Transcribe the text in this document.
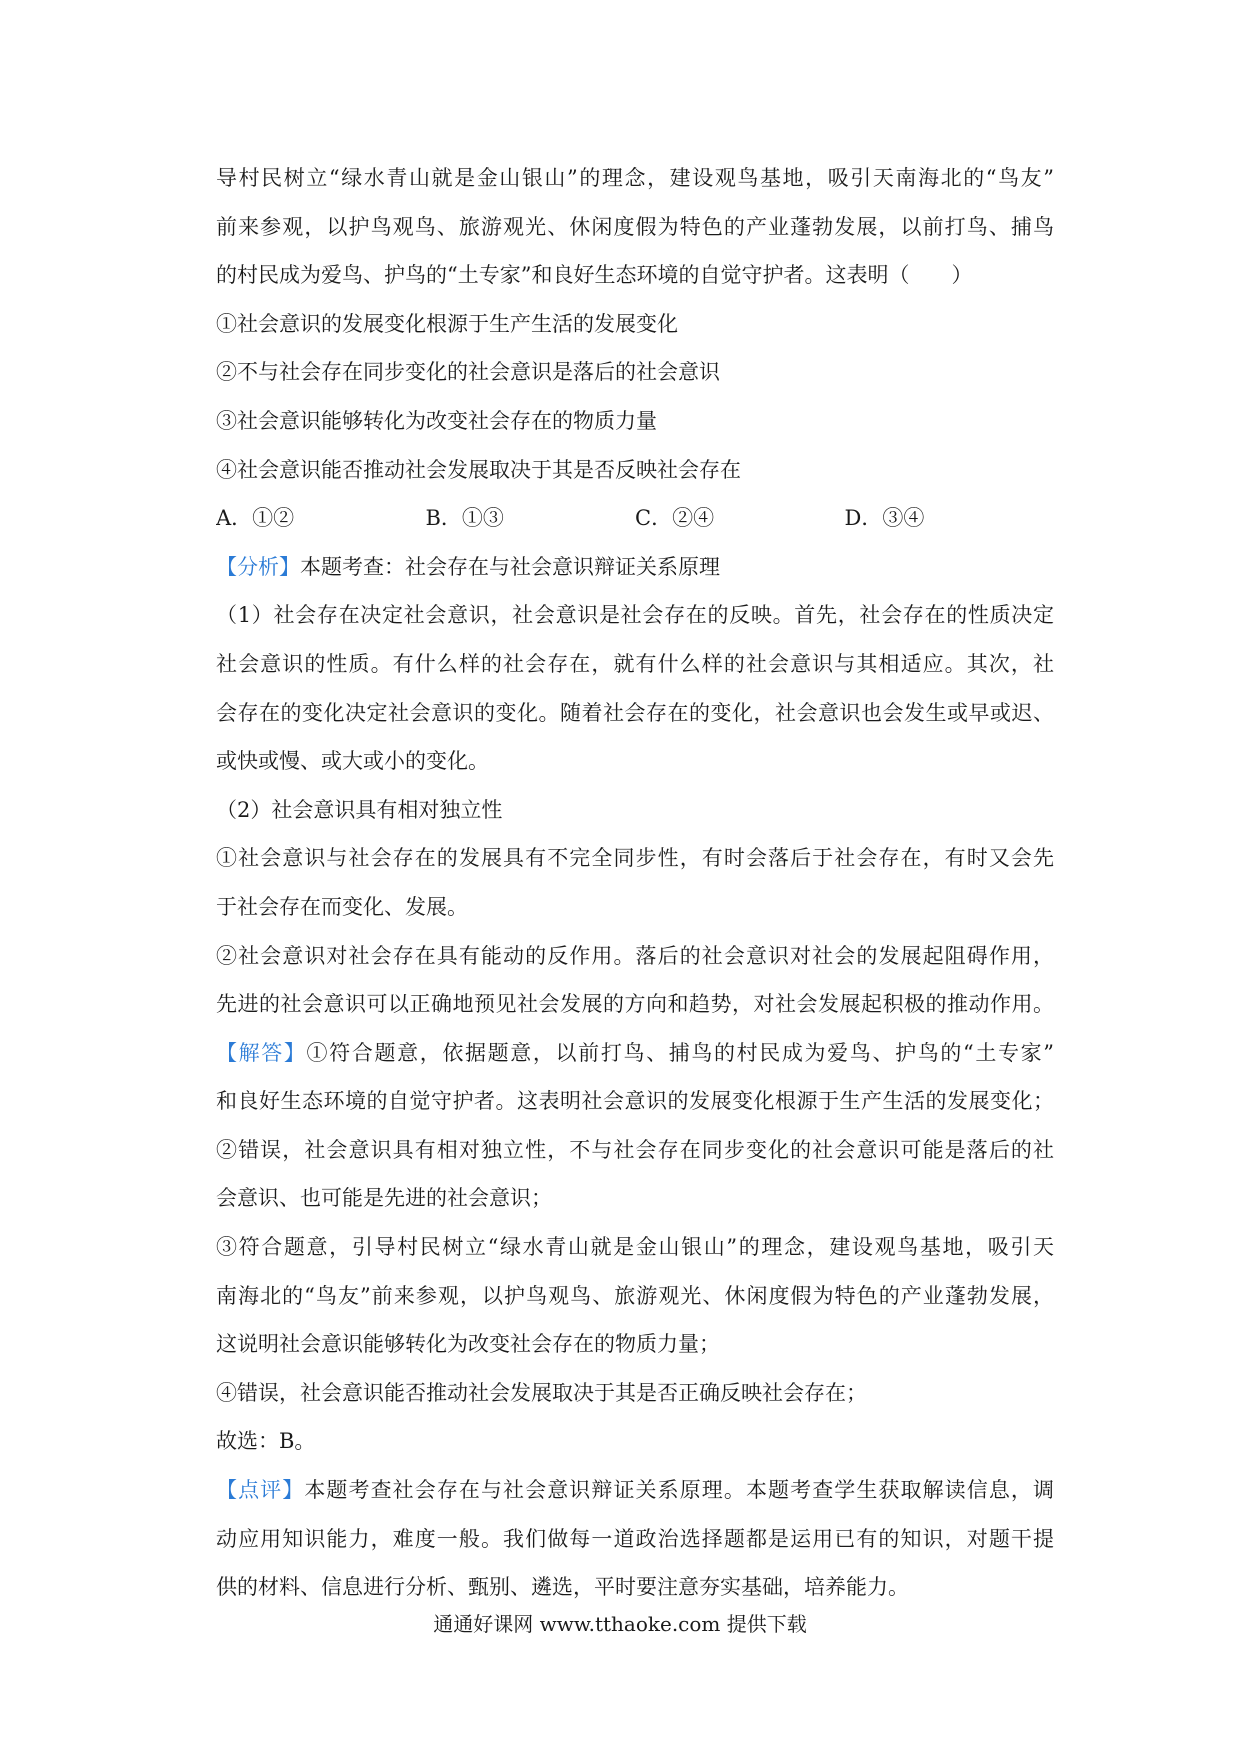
导村民树立“绿水青山就是金山银山”的理念，建设观鸟基地，吸引天南海北的“鸟友”
前来参观，以护鸟观鸟、旅游观光、休闲度假为特色的产业蓬勃发展，以前打鸟、捕鸟
的村民成为爱鸟、护鸟的“土专家”和良好生态环境的自觉守护者。这表明（　　）
①社会意识的发展变化根源于生产生活的发展变化
②不与社会存在同步变化的社会意识是落后的社会意识
③社会意识能够转化为改变社会存在的物质力量
④社会意识能否推动社会发展取决于其是否反映社会存在
A．①②	B．①③	C．②④	D．③④
【分析】本题考查：社会存在与社会意识辩证关系原理
（1）社会存在决定社会意识，社会意识是社会存在的反映。首先，社会存在的性质决定
社会意识的性质。有什么样的社会存在，就有什么样的社会意识与其相适应。其次，社
会存在的变化决定社会意识的变化。随着社会存在的变化，社会意识也会发生或早或迟、
或快或慢、或大或小的变化。
（2）社会意识具有相对独立性
①社会意识与社会存在的发展具有不完全同步性，有时会落后于社会存在，有时又会先
于社会存在而变化、发展。
②社会意识对社会存在具有能动的反作用。落后的社会意识对社会的发展起阻碍作用，
先进的社会意识可以正确地预见社会发展的方向和趋势，对社会发展起积极的推动作用。
【解答】①符合题意，依据题意，以前打鸟、捕鸟的村民成为爱鸟、护鸟的“土专家”
和良好生态环境的自觉守护者。这表明社会意识的发展变化根源于生产生活的发展变化；
②错误，社会意识具有相对独立性，不与社会存在同步变化的社会意识可能是落后的社
会意识、也可能是先进的社会意识；
③符合题意，引导村民树立“绿水青山就是金山银山”的理念，建设观鸟基地，吸引天
南海北的“鸟友”前来参观，以护鸟观鸟、旅游观光、休闲度假为特色的产业蓬勃发展，
这说明社会意识能够转化为改变社会存在的物质力量；
④错误，社会意识能否推动社会发展取决于其是否正确反映社会存在；
故选：B。
【点评】本题考查社会存在与社会意识辩证关系原理。本题考查学生获取解读信息，调
动应用知识能力，难度一般。我们做每一道政治选择题都是运用已有的知识，对题干提
供的材料、信息进行分析、甄别、遴选，平时要注意夯实基础，培养能力。
通通好课网 www.tthaoke.com 提供下载
